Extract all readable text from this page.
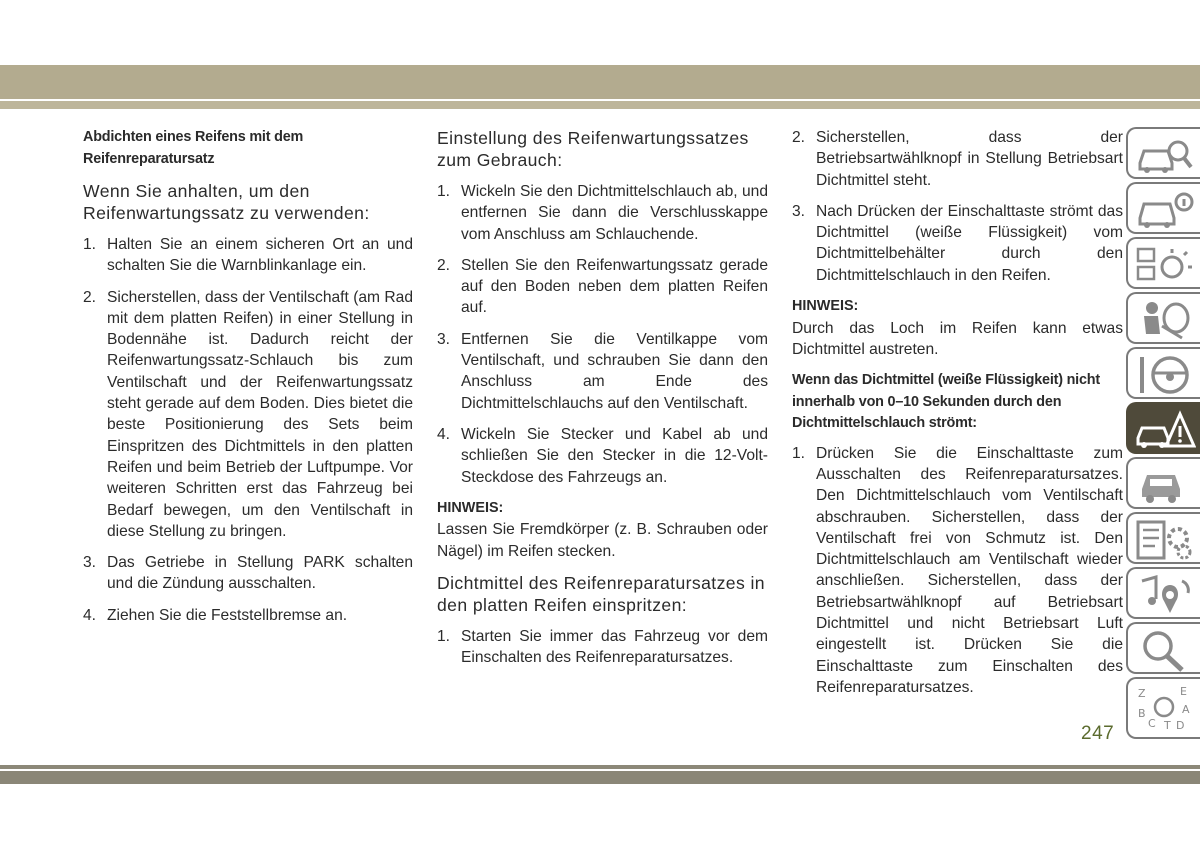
Abdichten eines Reifens mit dem Reifenreparatursatz
Wenn Sie anhalten, um den Reifenwartungssatz zu verwenden:
1. Halten Sie an einem sicheren Ort an und schalten Sie die Warnblinkanlage ein.
2. Sicherstellen, dass der Ventilschaft (am Rad mit dem platten Reifen) in einer Stellung in Bodennähe ist. Dadurch reicht der Reifenwartungssatz-Schlauch bis zum Ventilschaft und der Reifenwartungssatz steht gerade auf dem Boden. Dies bietet die beste Positionierung des Sets beim Einspritzen des Dichtmittels in den platten Reifen und beim Betrieb der Luftpumpe. Vor weiteren Schritten erst das Fahrzeug bei Bedarf bewegen, um den Ventilschaft in diese Stellung zu bringen.
3. Das Getriebe in Stellung PARK schalten und die Zündung ausschalten.
4. Ziehen Sie die Feststellbremse an.
Einstellung des Reifenwartungssatzes zum Gebrauch:
1. Wickeln Sie den Dichtmittelschlauch ab, und entfernen Sie dann die Verschlusskappe vom Anschluss am Schlauchende.
2. Stellen Sie den Reifenwartungssatz gerade auf den Boden neben dem platten Reifen auf.
3. Entfernen Sie die Ventilkappe vom Ventilschaft, und schrauben Sie dann den Anschluss am Ende des Dichtmittelschlauchs auf den Ventilschaft.
4. Wickeln Sie Stecker und Kabel ab und schließen Sie den Stecker in die 12-Volt-Steckdose des Fahrzeugs an.
HINWEIS:
Lassen Sie Fremdkörper (z. B. Schrauben oder Nägel) im Reifen stecken.
Dichtmittel des Reifenreparatursatzes in den platten Reifen einspritzen:
1. Starten Sie immer das Fahrzeug vor dem Einschalten des Reifenreparatursatzes.
2. Sicherstellen, dass der Betriebsartwählknopf in Stellung Betriebsart Dichtmittel steht.
3. Nach Drücken der Einschalttaste strömt das Dichtmittel (weiße Flüssigkeit) vom Dichtmittelbehälter durch den Dichtmittelschlauch in den Reifen.
HINWEIS:
Durch das Loch im Reifen kann etwas Dichtmittel austreten.
Wenn das Dichtmittel (weiße Flüssigkeit) nicht innerhalb von 0–10 Sekunden durch den Dichtmittelschlauch strömt:
1. Drücken Sie die Einschalttaste zum Ausschalten des Reifenreparatursatzes. Den Dichtmittelschlauch vom Ventilschaft abschrauben. Sicherstellen, dass der Ventilschaft frei von Schmutz ist. Den Dichtmittelschlauch am Ventilschaft wieder anschließen. Sicherstellen, dass der Betriebsartwählknopf auf Betriebsart Dichtmittel und nicht Betriebsart Luft eingestellt ist. Drücken Sie die Einschalttaste zum Einschalten des Reifenreparatursatzes.	Z	E
B
C T
A
D
247
